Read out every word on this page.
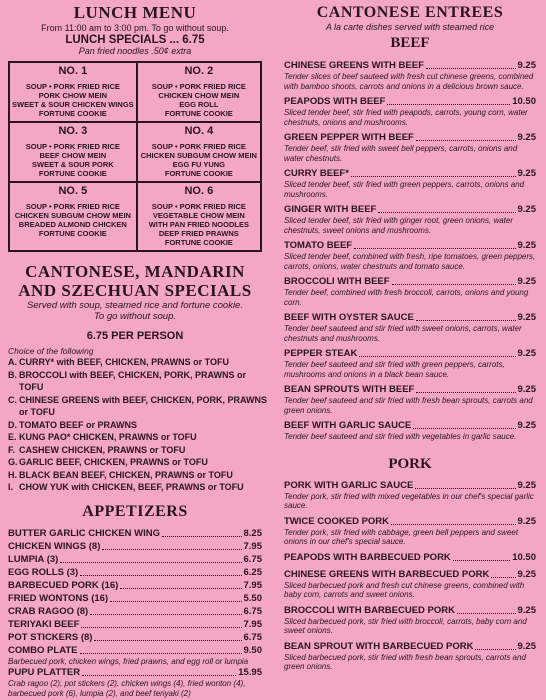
LUNCH MENU
From 11:00 am to 3:00 pm. To go without soup.
LUNCH SPECIALS ... 6.75
Pan fried noodles .50¢ extra
NO. 1
SOUP • PORK FRIED RICE
PORK CHOW MEIN
SWEET & SOUR CHICKEN WINGS
FORTUNE COOKIE
NO. 2
SOUP • PORK FRIED RICE
CHICKEN CHOW MEIN
EGG ROLL
FORTUNE COOKIE
NO. 3
SOUP • PORK FRIED RICE
BEEF CHOW MEIN
SWEET & SOUR PORK
FORTUNE COOKIE
NO. 4
SOUP • PORK FRIED RICE
CHICKEN SUBGUM CHOW MEIN
EGG FU YUNG
FORTUNE COOKIE
NO. 5
SOUP • PORK FRIED RICE
CHICKEN SUBGUM CHOW MEIN
BREADED ALMOND CHICKEN
FORTUNE COOKIE
NO. 6
SOUP • PORK FRIED RICE
VEGETABLE CHOW MEIN
WITH PAN FRIED NOODLES
DEEP FRIED PRAWNS
FORTUNE COOKIE
CANTONESE, MANDARIN
AND SZECHUAN SPECIALS
Served with soup, steamed rice and fortune cookie.
To go without soup.
6.75 PER PERSON
Choice of the following
A. CURRY* with BEEF, CHICKEN, PRAWNS or TOFU
B. BROCCOLI with BEEF, CHICKEN, PORK, PRAWNS or TOFU
C. CHINESE GREENS with BEEF, CHICKEN, PORK, PRAWNS or TOFU
D. TOMATO BEEF or PRAWNS
E. KUNG PAO* CHICKEN, PRAWNS or TOFU
F. CASHEW CHICKEN, PRAWNS or TOFU
G. GARLIC BEEF, CHICKEN, PRAWNS or TOFU
H. BLACK BEAN BEEF, CHICKEN, PRAWNS or TOFU
I. CHOW YUK with CHICKEN, BEEF, PRAWNS or TOFU
APPETIZERS
BUTTER GARLIC CHICKEN WING	8.25
CHICKEN WINGS (8)	7.95
LUMPIA (3)	6.75
EGG ROLLS (3)	6.25
BARBECUED PORK (16)	7.95
FRIED WONTONS (16)	5.50
CRAB RAGOO (8)	6.75
TERIYAKI BEEF	7.95
POT STICKERS (8)	6.75
COMBO PLATE	9.50
Barbecued pork, chicken wings, fried prawns, and egg roll or lumpia
PUPU PLATTER	15.95
Crab ragoo (2), pot stickers (2), chicken wings (4), fried wonton (4), barbecued pork (6), lumpia (2), and beef teriyaki (2)
CANTONESE ENTREES
A la carte dishes served with steamed rice
BEEF
CHINESE GREENS WITH BEEF	9.25
Tender slices of beef sauteed with fresh cut chinese greens, combined with bamboo shoots, carrots and onions in a delicious brown sauce.
PEAPODS WITH BEEF	10.50
Sliced tender beef, stir fried with peapods, carrots, young corn, water chestnuts, onions and mushrooms.
GREEN PEPPER WITH BEEF	9.25
Tender beef, stir fried with sweet bell peppers, carrots, onions and water chestnuts.
CURRY BEEF*	9.25
Sliced tender beef, stir fried with green peppers, carrots, onions and mushrooms.
GINGER WITH BEEF	9.25
Sliced tender beef, stir fried with ginger root, green onions, water chestnuts, sweet onions and mushrooms.
TOMATO BEEF	9.25
Sliced tender beef, combined with fresh, ripe tomatoes, green peppers, carrots, onions, water chestnuts and tomato sauce.
BROCCOLI WITH BEEF	9.25
Tender beef, combined with fresh broccoli, carrots, onions and young corn.
BEEF WITH OYSTER SAUCE	9.25
Tender beef sauteed and stir fried with sweet onions, carrots, water chestnuts and mushrooms.
PEPPER STEAK	9.25
Tender beef sauteed and stir fried with green peppers, carrots, mushrooms and onions in a black bean sauce.
BEAN SPROUTS WITH BEEF	9.25
Tender beef sauteed and stir fried with fresh bean sprouts, carrots and green onions.
BEEF WITH GARLIC SAUCE	9.25
Tender beef sauteed and stir fried with vegetables in garlic sauce.
PORK
PORK WITH GARLIC SAUCE	9.25
Tender pork, stir fried with mixed vegetables in our chef's special garlic sauce.
TWICE COOKED PORK	9.25
Tender pork, stir fried with cabbage, green bell peppers and sweet onions in our chef's special sauce.
PEAPODS WITH BARBECUED PORK	10.50
CHINESE GREENS WITH BARBECUED PORK	9.25
Sliced barbecued pork and fresh cut chinese greens, combined with baby corn, carrots and sweet onions.
BROCCOLI WITH BARBECUED PORK	9.25
Sliced barbecued pork, stir fried with broccoli, carrots, baby corn and sweet onions.
BEAN SPROUT WITH BARBECUED PORK	9.25
Sliced barbecued pork, stir fried with fresh bean sprouts, carrots and green onions.
